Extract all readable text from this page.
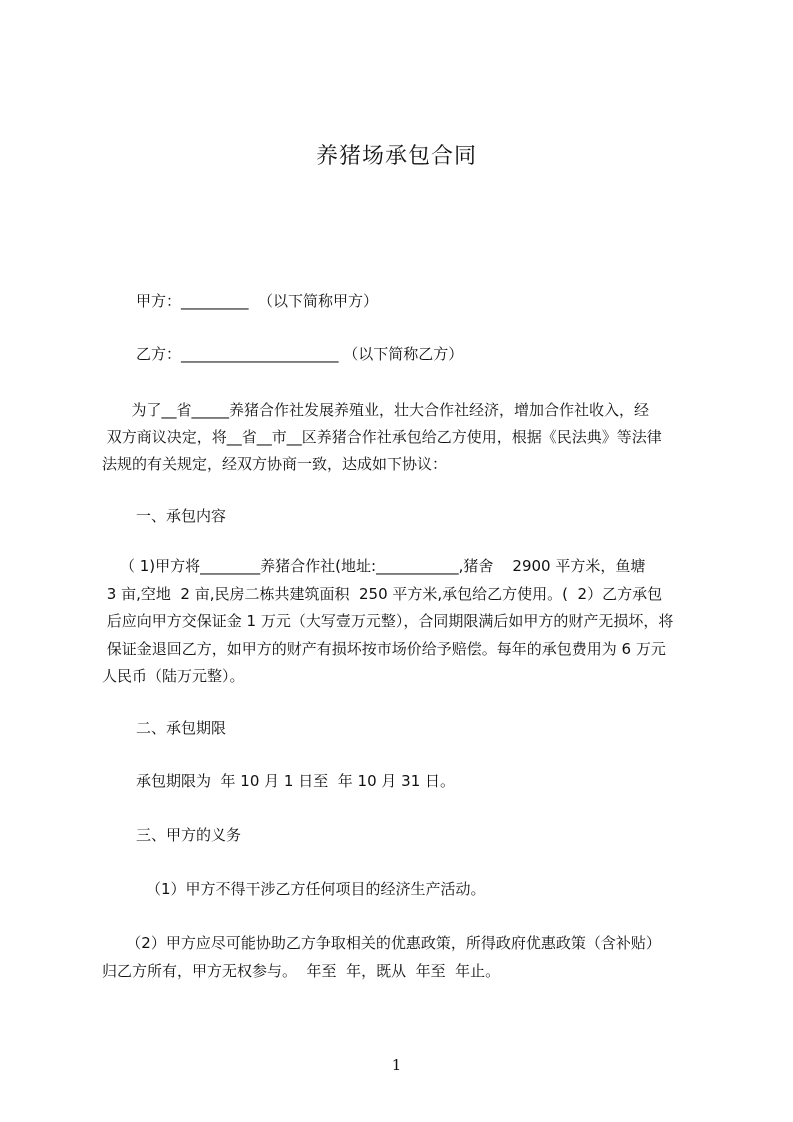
养猪场承包合同
甲方：_________  （以下简称甲方）
乙方：_____________________ （以下简称乙方）
为了__省_____养猪合作社发展养殖业，壮大合作社经济，增加合作社收入，经
双方商议决定，将__省__市__区养猪合作社承包给乙方使用，根据《民法典》等法律
法规的有关规定，经双方协商一致，达成如下协议：
一、承包内容
（ 1)甲方将________养猪合作社(地址:___________,猪舍    2900 平方米，鱼塘
3 亩,空地  2 亩,民房二栋共建筑面积  250 平方米,承包给乙方使用。(  2）乙方承包
后应向甲方交保证金 1 万元（大写壹万元整），合同期限满后如甲方的财产无损坏，将
保证金退回乙方，如甲方的财产有损坏按市场价给予赔偿。每年的承包费用为 6 万元
人民币（陆万元整）。
二、承包期限
承包期限为  年 10 月 1 日至  年 10 月 31 日。
三、甲方的义务
（1）甲方不得干涉乙方任何项目的经济生产活动。
（2）甲方应尽可能协助乙方争取相关的优惠政策，所得政府优惠政策（含补贴）
归乙方所有，甲方无权参与。  年至  年，既从  年至  年止。
1
